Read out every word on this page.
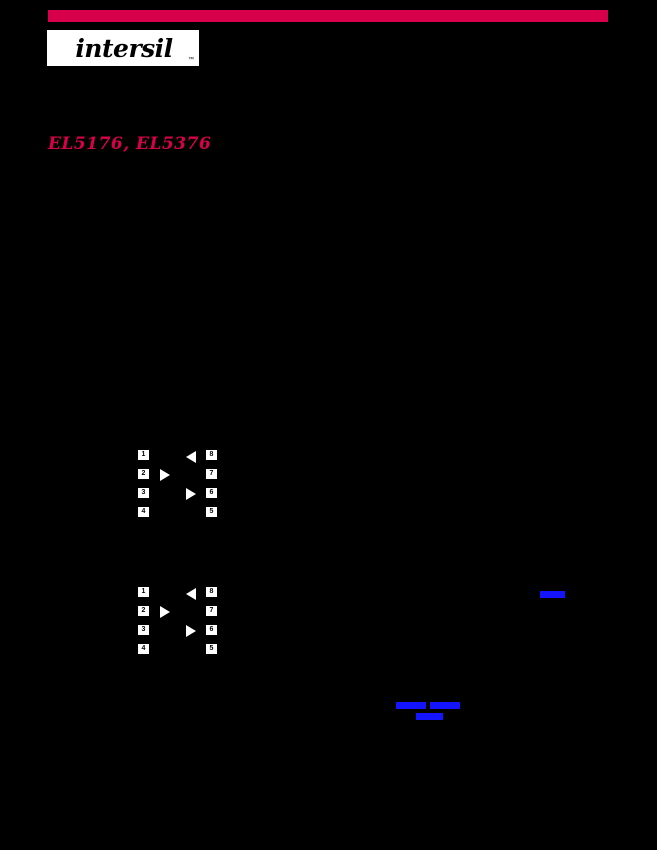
intersil	™
EL5176, EL5376
1
2
3
4
8
7
6
5
1
2
3
4
8
7
6
5
